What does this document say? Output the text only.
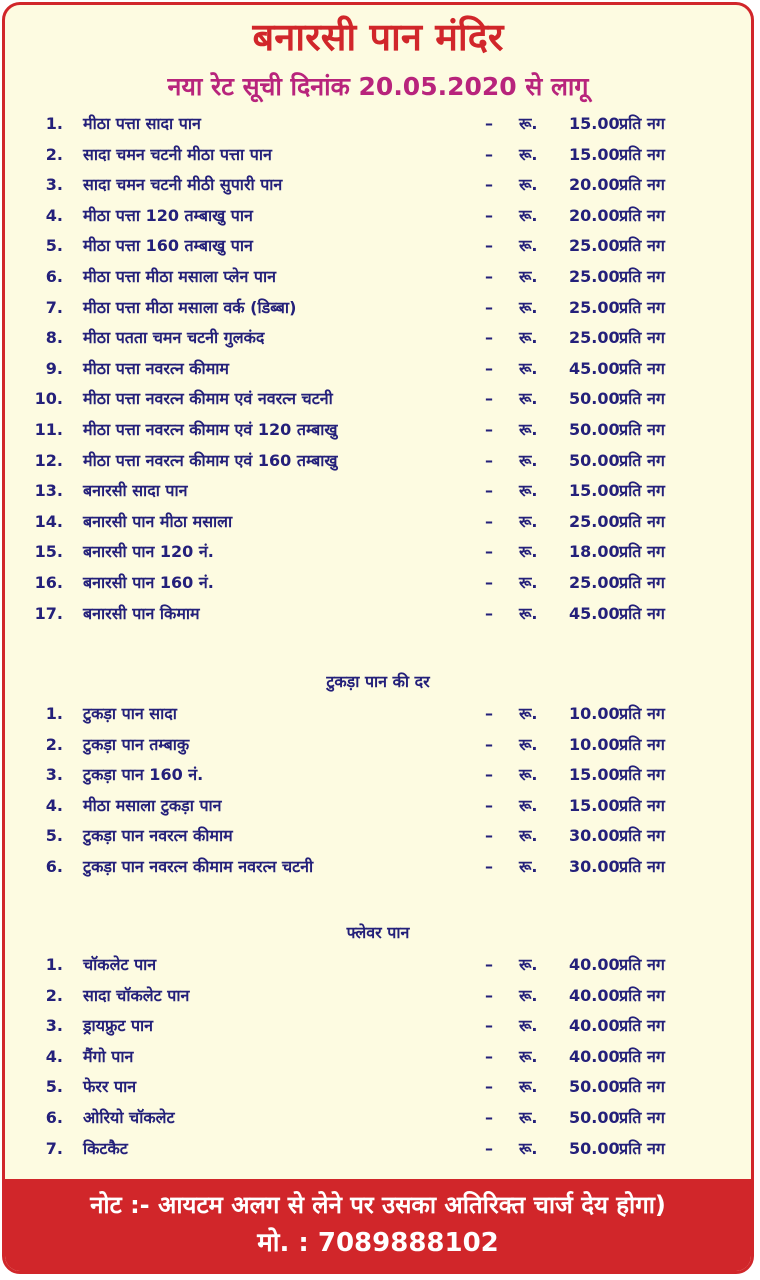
बनारसी पान मंदिर
नया रेट सूची दिनांक 20.05.2020 से लागू
1. मीठा पत्ता सादा पान	– रू. 15.00 प्रति नग
2. सादा चमन चटनी मीठा पत्ता पान	– रू. 15.00 प्रति नग
3. सादा चमन चटनी मीठी सुपारी पान	– रू. 20.00 प्रति नग
4. मीठा पत्ता 120 तम्बाखु पान	– रू. 20.00 प्रति नग
5. मीठा पत्ता 160 तम्बाखु पान	– रू. 25.00 प्रति नग
6. मीठा पत्ता मीठा मसाला प्लेन पान	– रू. 25.00 प्रति नग
7. मीठा पत्ता मीठा मसाला वर्क (डिब्बा)	– रू. 25.00 प्रति नग
8. मीठा पतता चमन चटनी गुलकंद	– रू. 25.00 प्रति नग
9. मीठा पत्ता नवरत्न कीमाम	– रू. 45.00 प्रति नग
10. मीठा पत्ता नवरत्न कीमाम एवं नवरत्न चटनी	– रू. 50.00 प्रति नग
11. मीठा पत्ता नवरत्न कीमाम एवं 120 तम्बाखु	– रू. 50.00 प्रति नग
12. मीठा पत्ता नवरत्न कीमाम एवं 160 तम्बाखु	– रू. 50.00 प्रति नग
13. बनारसी सादा पान	– रू. 15.00 प्रति नग
14. बनारसी पान मीठा मसाला	– रू. 25.00 प्रति नग
15. बनारसी पान 120 नं.	– रू. 18.00 प्रति नग
16. बनारसी पान 160 नं.	– रू. 25.00 प्रति नग
17. बनारसी पान किमाम	– रू. 45.00 प्रति नग
टुकड़ा पान की दर
1. टुकड़ा पान सादा	– रू. 10.00 प्रति नग
2. टुकड़ा पान तम्बाकु	– रू. 10.00 प्रति नग
3. टुकड़ा पान 160 नं.	– रू. 15.00 प्रति नग
4. मीठा मसाला टुकड़ा पान	– रू. 15.00 प्रति नग
5. टुकड़ा पान नवरत्न कीमाम	– रू. 30.00 प्रति नग
6. टुकड़ा पान नवरत्न कीमाम नवरत्न चटनी	– रू. 30.00 प्रति नग
फ्लेवर पान
1. चॉकलेट पान	– रू. 40.00 प्रति नग
2. सादा चॉकलेट पान	– रू. 40.00 प्रति नग
3. ड्रायफ्रुट पान	– रू. 40.00 प्रति नग
4. मैंगो पान	– रू. 40.00 प्रति नग
5. फेरर पान	– रू. 50.00 प्रति नग
6. ओरियो चॉकलेट	– रू. 50.00 प्रति नग
7. किटकैट	– रू. 50.00 प्रति नग
नोट :- आयटम अलग से लेने पर उसका अतिरिक्त चार्ज देय होगा)
मो. : 7089888102
